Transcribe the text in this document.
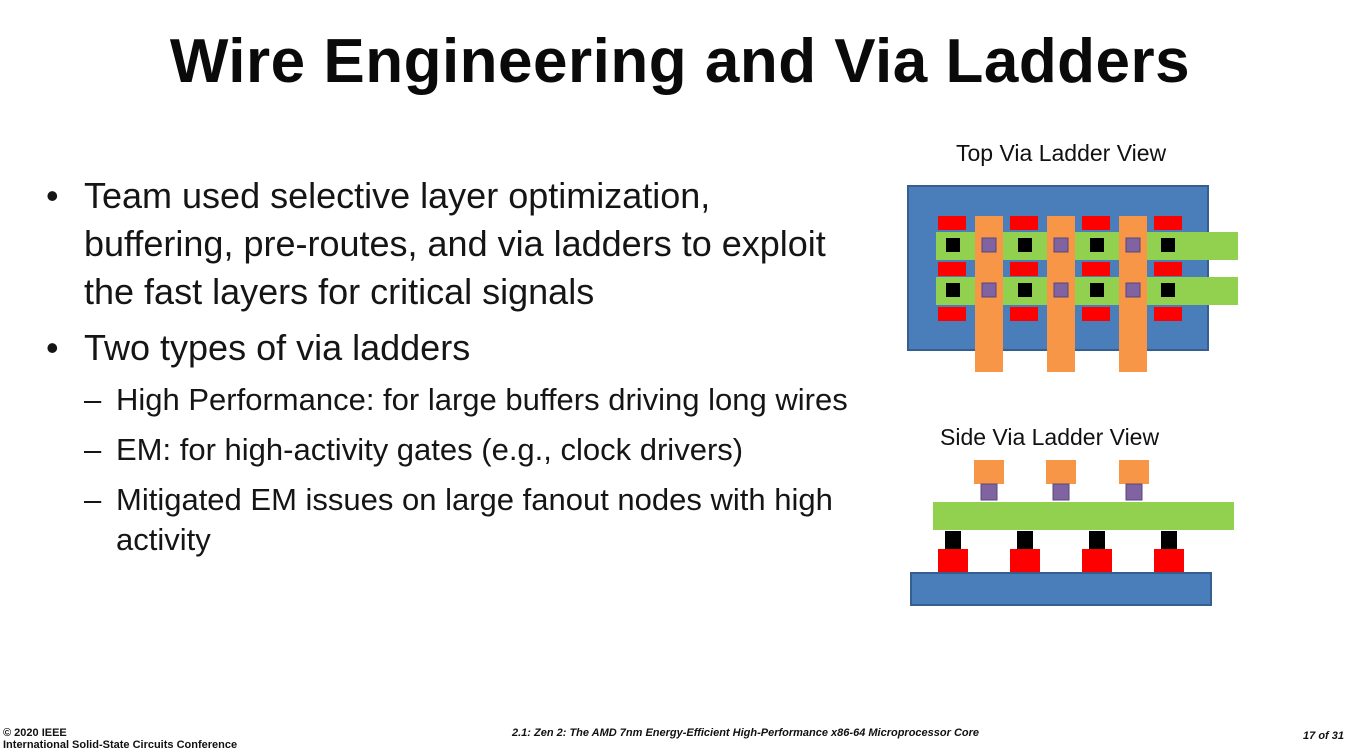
Wire Engineering and Via Ladders
• Team used selective layer optimization, buffering, pre-routes, and via ladders to exploit the fast layers for critical signals
• Two types of via ladders
– High Performance: for large buffers driving long wires
– EM: for high-activity gates (e.g., clock drivers)
– Mitigated EM issues on large fanout nodes with high activity
Top Via Ladder View
Side Via Ladder View
© 2020 IEEE
International Solid-State Circuits Conference
2.1: Zen 2: The AMD 7nm Energy-Efficient High-Performance x86-64 Microprocessor Core	17 of 31
